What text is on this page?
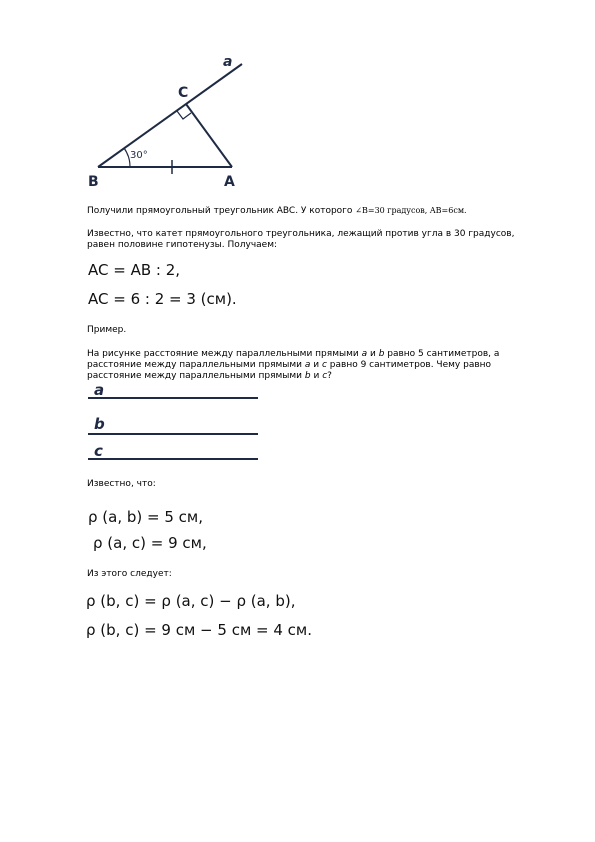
a
C
B	A
30°
Получили прямоугольный треугольник ABC. У которого ∠B=30 градусов, AB=6см.
Известно, что катет прямоугольного треугольника, лежащий против угла в 30 градусов, равен половине гипотенузы. Получаем:
AC = AB : 2,
AC = 6 : 2 = 3 (см).
Пример.
На рисунке расстояние между параллельными прямыми a и b равно 5 сантиметров, а расстояние между параллельными прямыми a и c равно 9 сантиметров. Чему равно расстояние между параллельными прямыми b и c?
a
b
c
Известно, что:
ρ (a, b) = 5 см,
ρ (a, c) = 9 см,
Из этого следует:
ρ (b, c) = ρ (a, c) − ρ (a, b),
ρ (b, c) = 9 см − 5 см = 4 см.
